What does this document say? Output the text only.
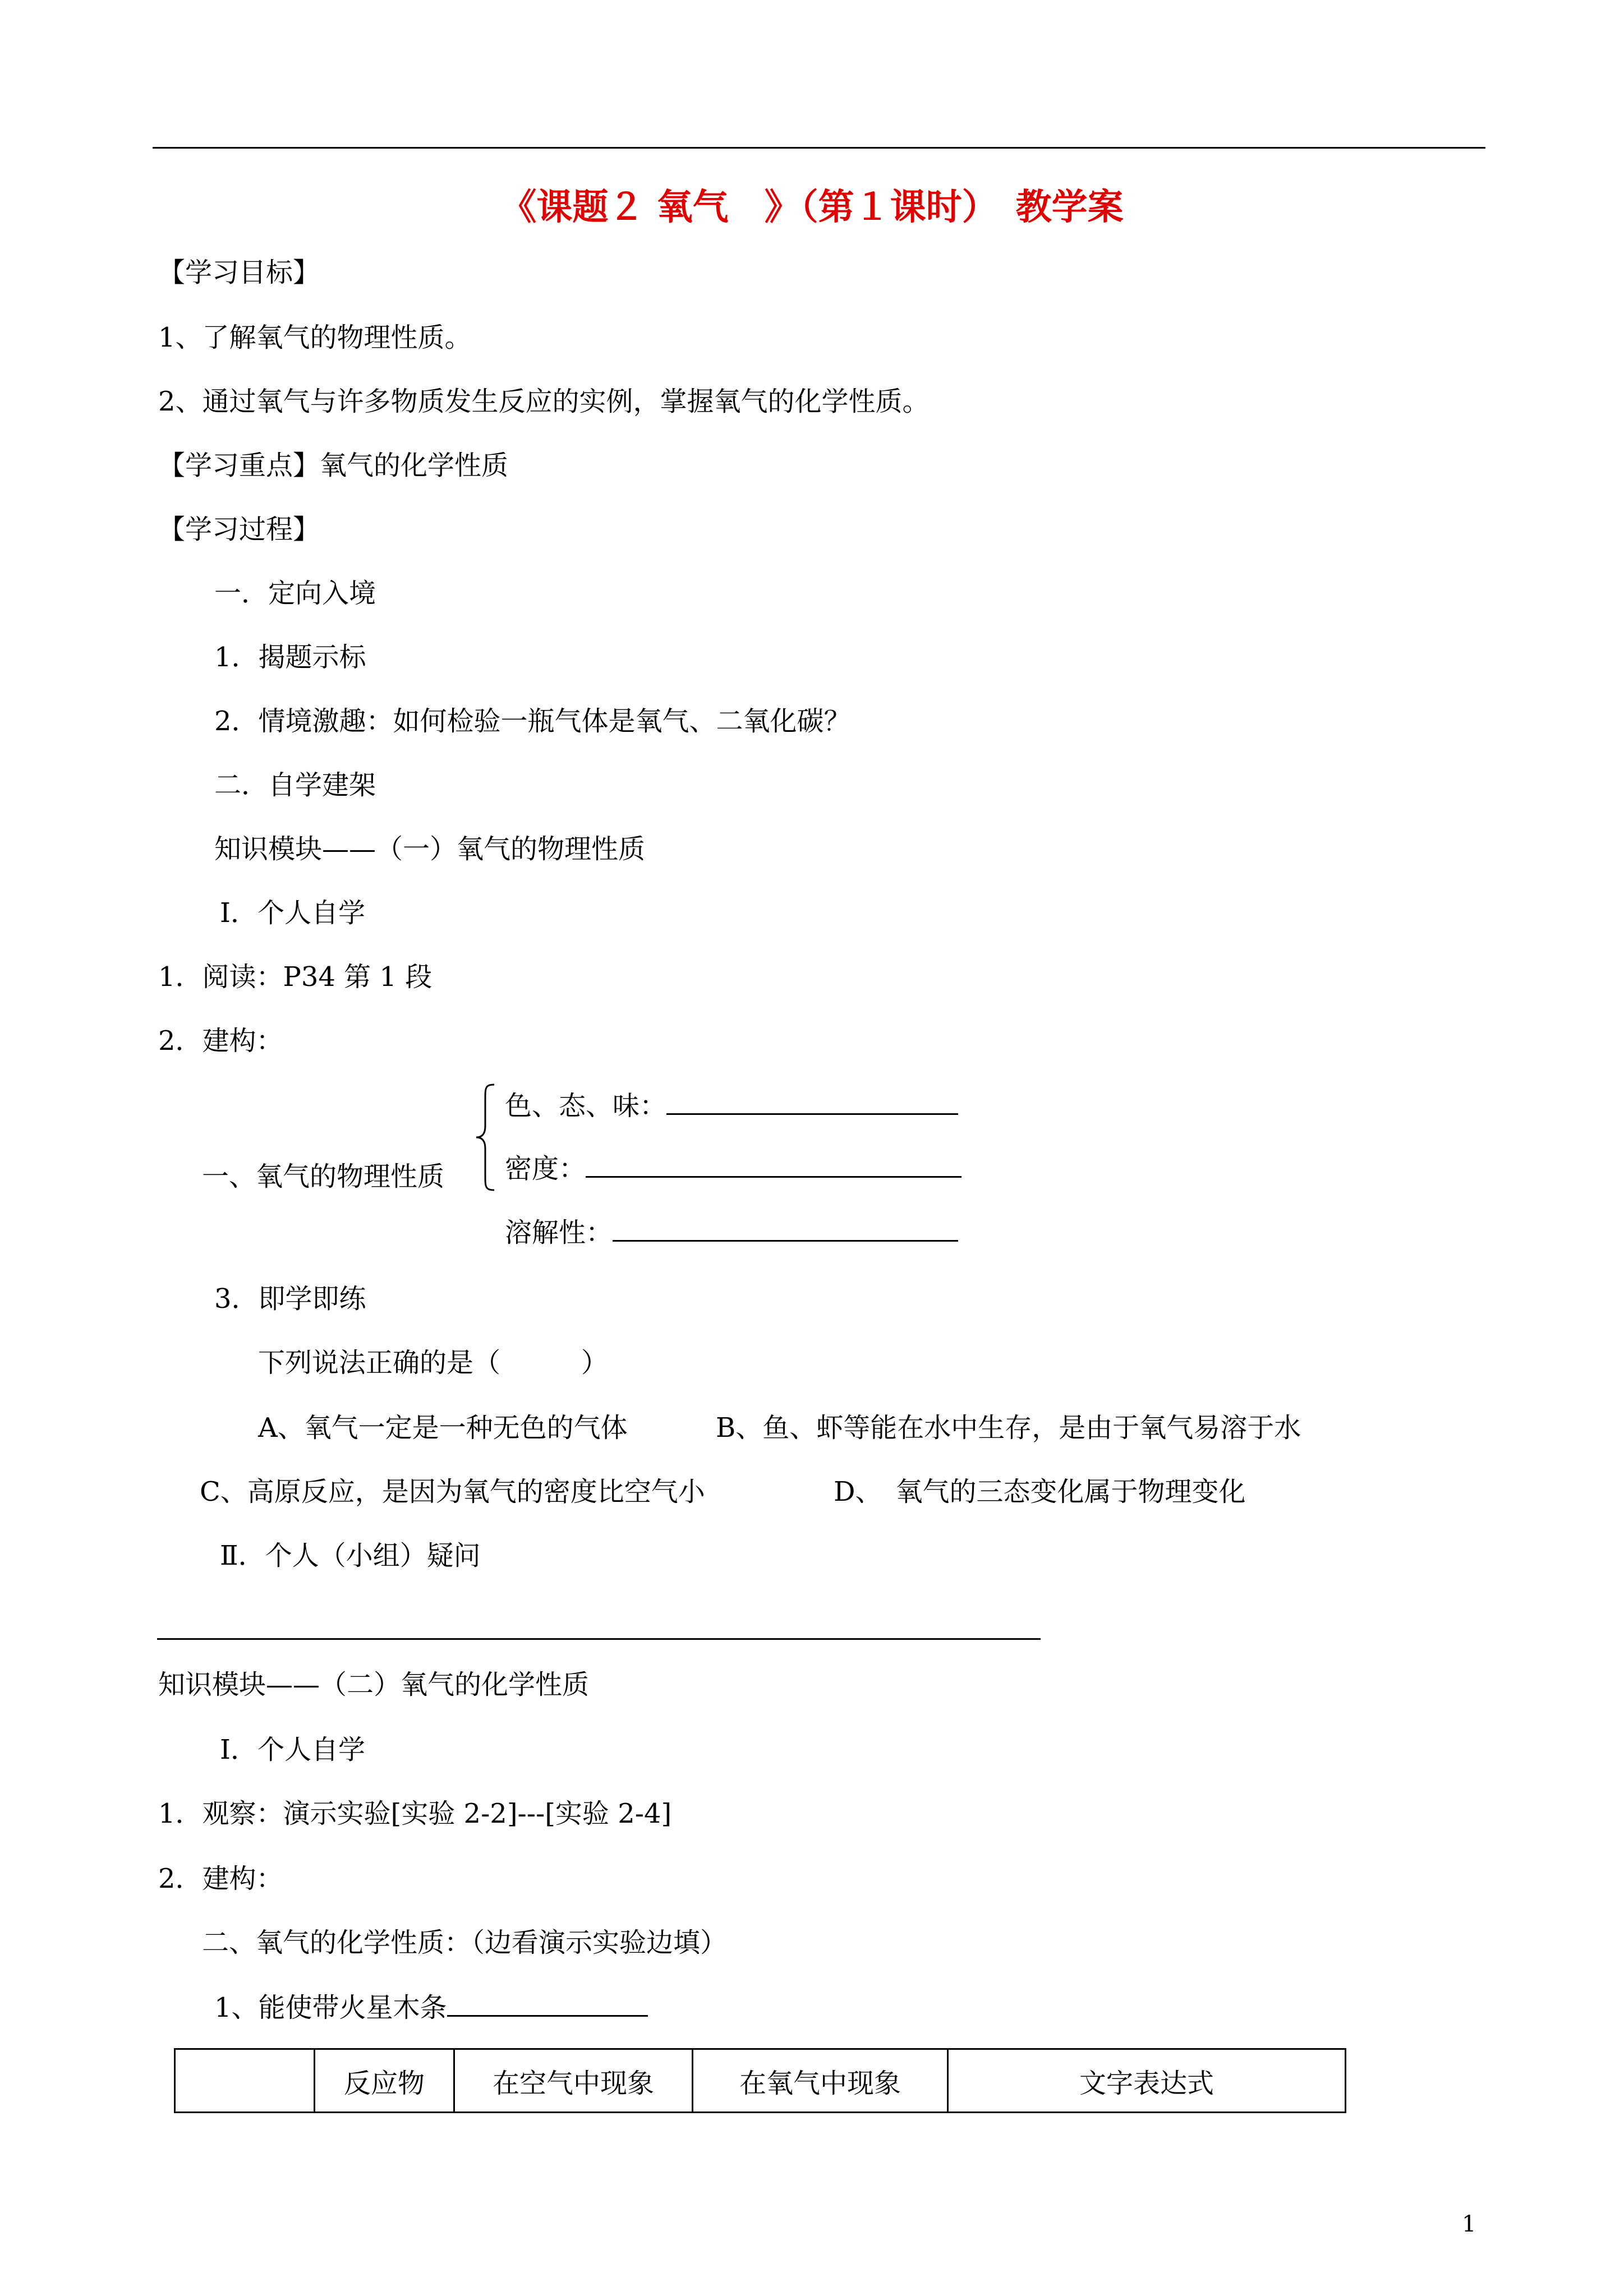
《课题２ 氧气　》（第１课时）　教学案
【学习目标】
1、了解氧气的物理性质。
2、通过氧气与许多物质发生反应的实例，掌握氧气的化学性质。
【学习重点】氧气的化学性质
【学习过程】
一．定向入境
1．揭题示标
2．情境激趣：如何检验一瓶气体是氧气、二氧化碳？
二．自学建架
知识模块——（一）氧气的物理性质
Ⅰ．个人自学
1．阅读：P34 第 1 段
2．建构：
一、氧气的物理性质
色、态、味：
密度：
溶解性：
3．即学即练
下列说法正确的是（　　　）
A、氧气一定是一种无色的气体	B、鱼、虾等能在水中生存，是由于氧气易溶于水
C、高原反应，是因为氧气的密度比空气小	D、　氧气的三态变化属于物理变化
Ⅱ．个人（小组）疑问
知识模块——（二）氧气的化学性质
Ⅰ．个人自学
1．观察：演示实验[实验 2-2]---[实验 2-4]
2．建构：
二、氧气的化学性质：（边看演示实验边填）
1、能使带火星木条
	反应物	在空气中现象	在氧气中现象	文字表达式
1
